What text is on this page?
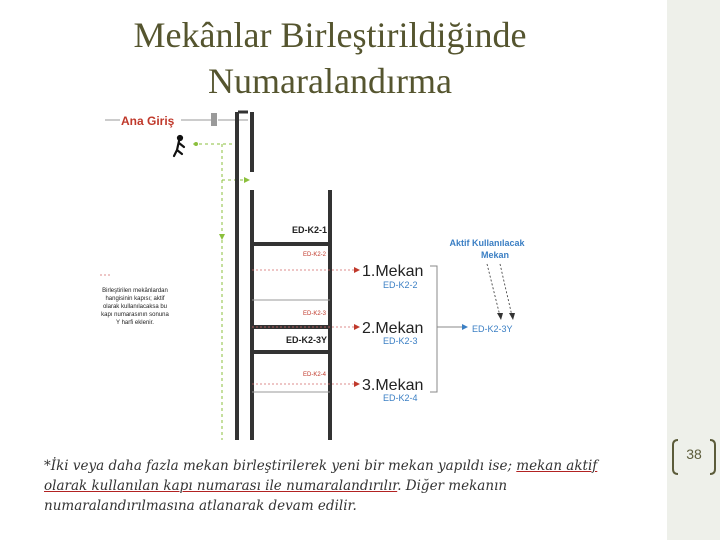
Mekânlar Birleştirildiğinde
Numaralandırma
Ana Giriş
ED-K2-1
ED-K2-2
ED-K2-3
ED-K2-3Y
ED-K2-4
Birleştirilen mekânlardan
hangisinin kapısı; aktif
olarak kullanılacaksa bu
kapı numarasının sonuna
Y harfi eklenir.
1.Mekan
ED-K2-2
2.Mekan
ED-K2-3
3.Mekan
ED-K2-4
Aktif Kullanılacak
Mekan
ED-K2-3Y
*İki veya daha fazla mekan birleştirilerek yeni bir mekan yapıldı ise; mekan aktif olarak kullanılan kapı numarası ile numaralandırılır. Diğer mekanın numaralandırılmasına atlanarak devam edilir.
38
